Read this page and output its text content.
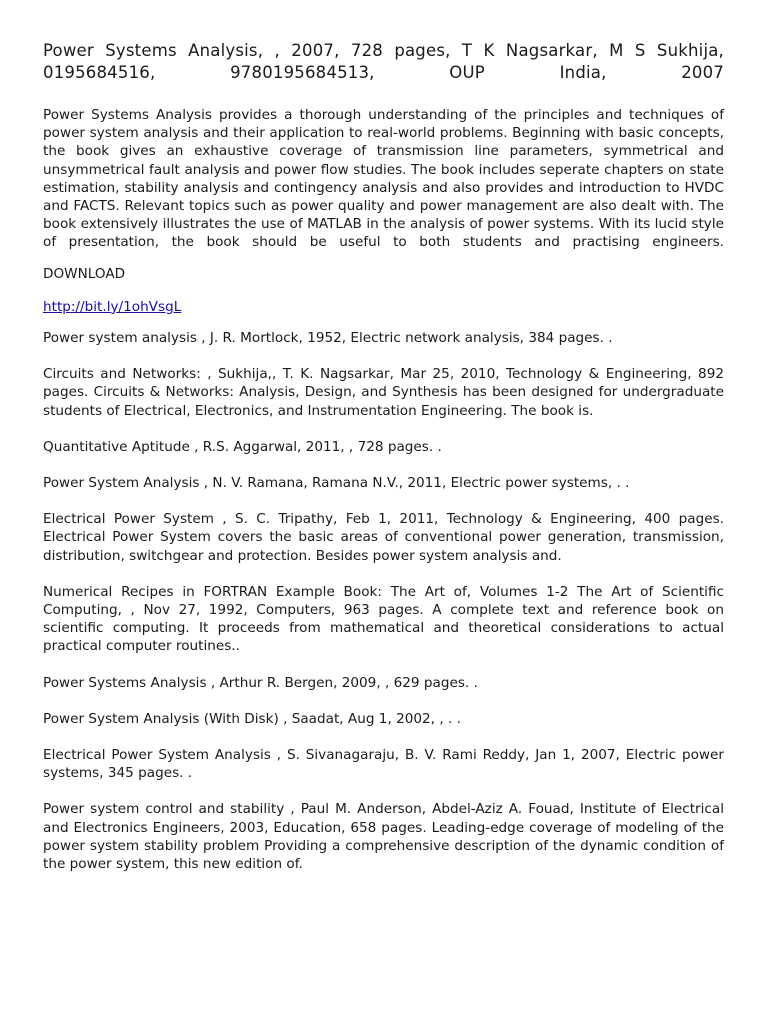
Power Systems Analysis, , 2007, 728 pages, T K Nagsarkar, M S Sukhija, 0195684516, 9780195684513, OUP India, 2007
Power Systems Analysis provides a thorough understanding of the principles and techniques of power system analysis and their application to real-world problems. Beginning with basic concepts, the book gives an exhaustive coverage of transmission line parameters, symmetrical and unsymmetrical fault analysis and power flow studies. The book includes seperate chapters on state estimation, stability analysis and contingency analysis and also provides and introduction to HVDC and FACTS. Relevant topics such as power quality and power management are also dealt with. The book extensively illustrates the use of MATLAB in the analysis of power systems. With its lucid style of presentation, the book should be useful to both students and practising engineers.
DOWNLOAD
http://bit.ly/1ohVsgL
Power system analysis , J. R. Mortlock, 1952, Electric network analysis, 384 pages. .
Circuits and Networks: , Sukhija,, T. K. Nagsarkar, Mar 25, 2010, Technology & Engineering, 892 pages. Circuits & Networks: Analysis, Design, and Synthesis has been designed for undergraduate students of Electrical, Electronics, and Instrumentation Engineering. The book is.
Quantitative Aptitude , R.S. Aggarwal, 2011, , 728 pages. .
Power System Analysis , N. V. Ramana, Ramana N.V., 2011, Electric power systems, . .
Electrical Power System , S. C. Tripathy, Feb 1, 2011, Technology & Engineering, 400 pages. Electrical Power System covers the basic areas of conventional power generation, transmission, distribution, switchgear and protection. Besides power system analysis and.
Numerical Recipes in FORTRAN Example Book: The Art of, Volumes 1-2 The Art of Scientific Computing, , Nov 27, 1992, Computers, 963 pages. A complete text and reference book on scientific computing. It proceeds from mathematical and theoretical considerations to actual practical computer routines..
Power Systems Analysis , Arthur R. Bergen, 2009, , 629 pages. .
Power System Analysis (With Disk) , Saadat, Aug 1, 2002, , . .
Electrical Power System Analysis , S. Sivanagaraju, B. V. Rami Reddy, Jan 1, 2007, Electric power systems, 345 pages. .
Power system control and stability , Paul M. Anderson, Abdel-Aziz A. Fouad, Institute of Electrical and Electronics Engineers, 2003, Education, 658 pages. Leading-edge coverage of modeling of the power system stability problem Providing a comprehensive description of the dynamic condition of the power system, this new edition of.
